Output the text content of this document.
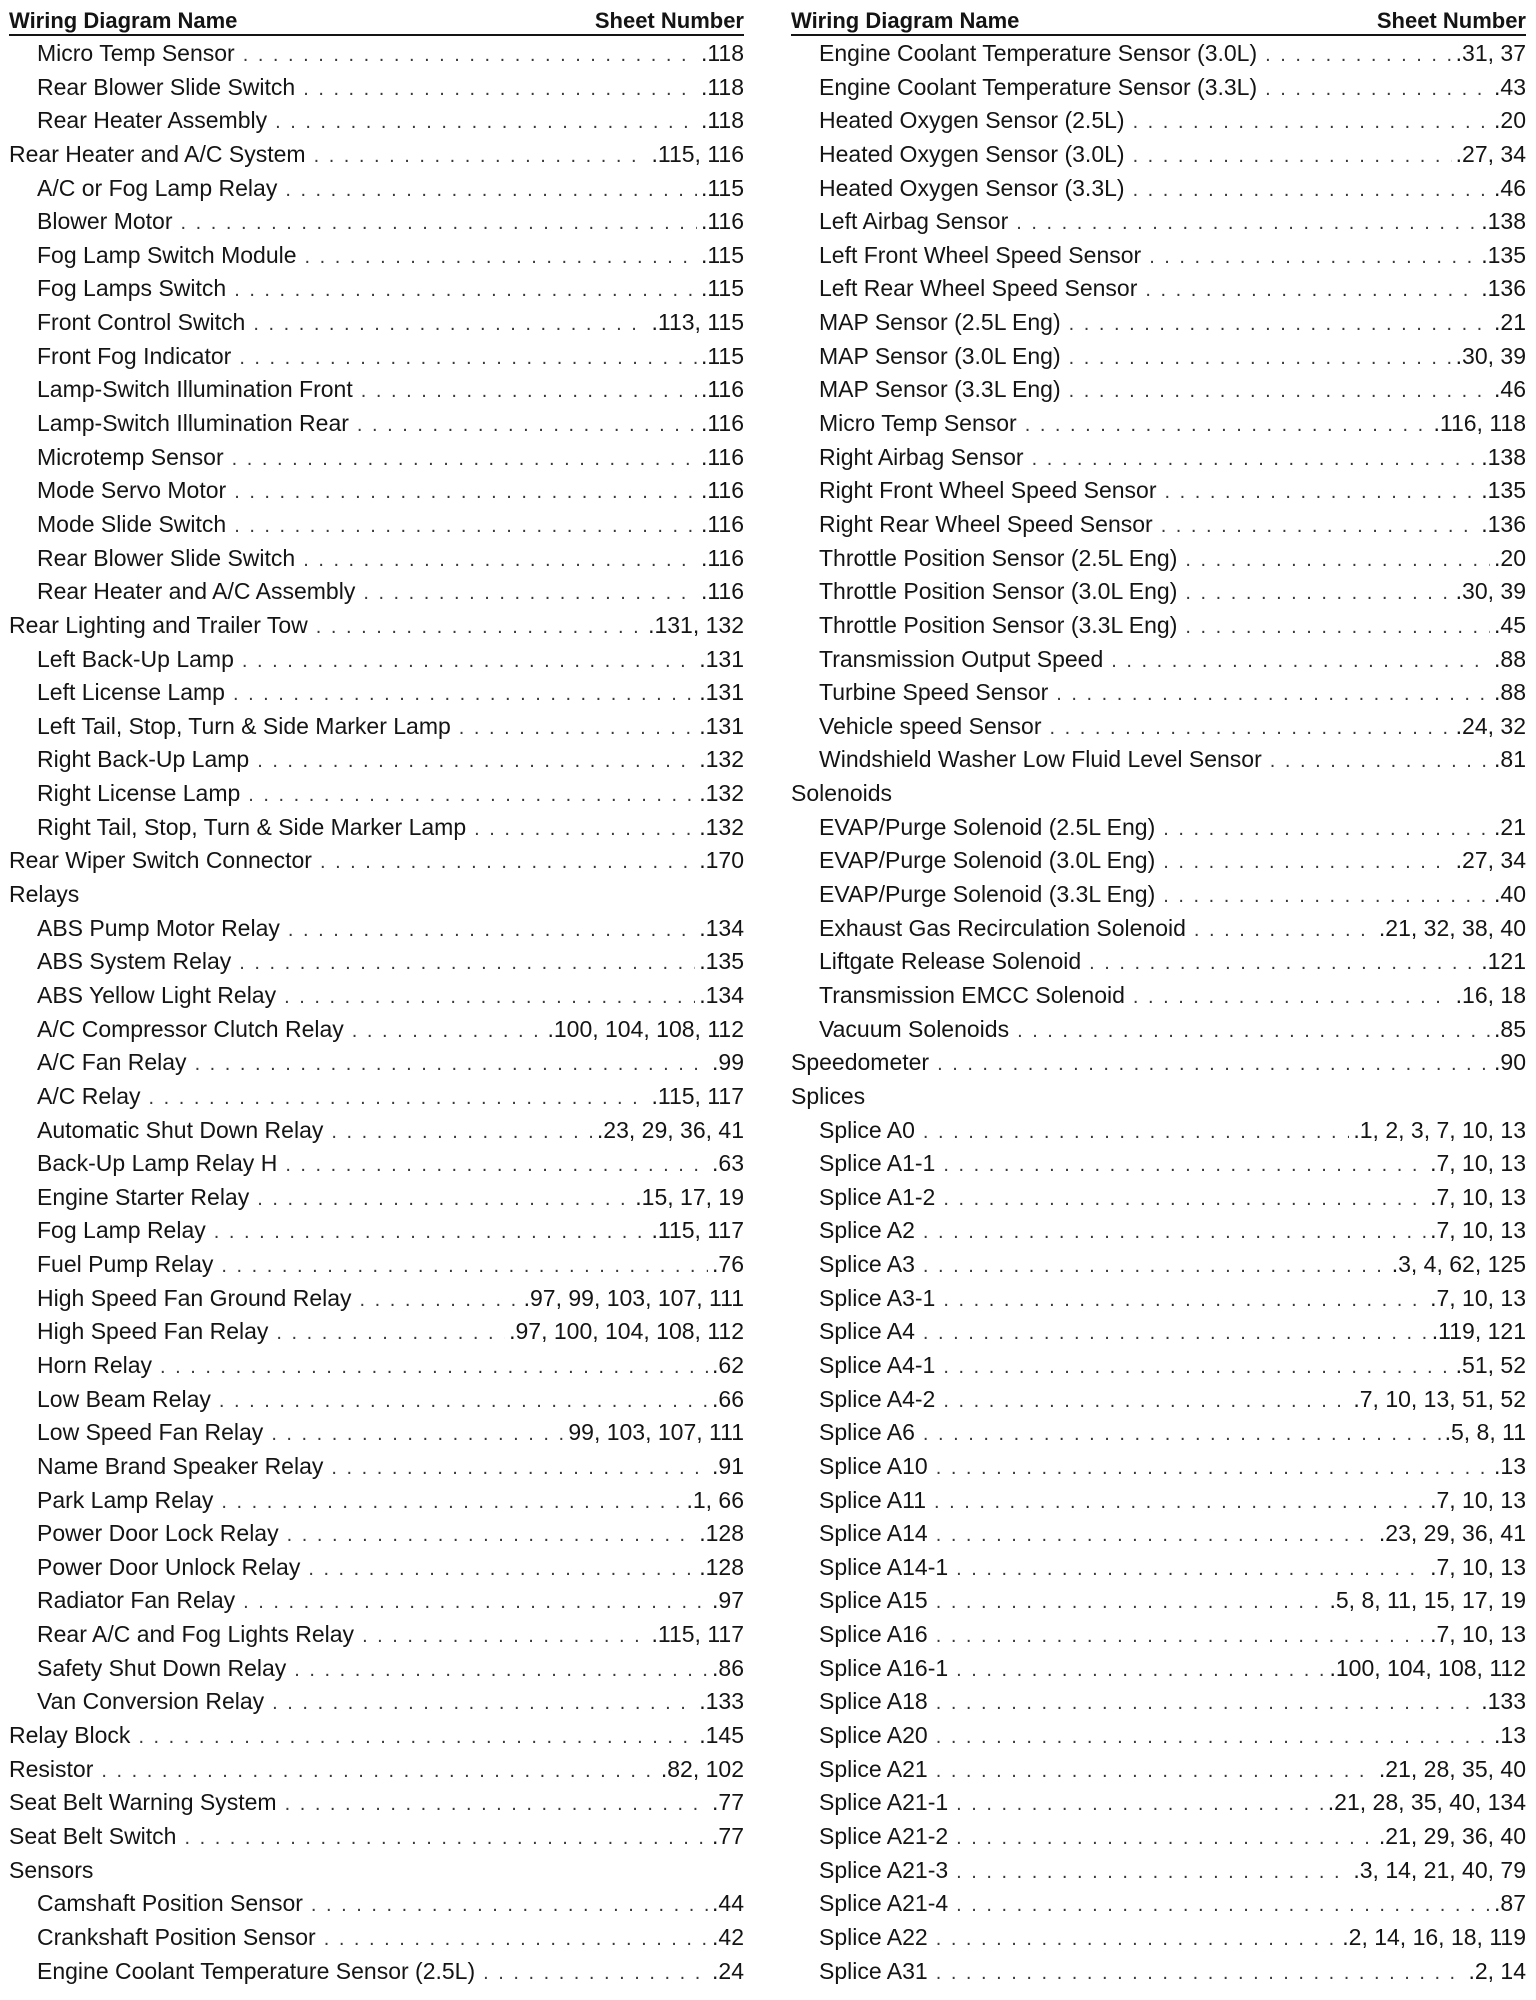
Wiring Diagram Name	Sheet Number
Micro Temp Sensor . . .	.118
Rear Blower Slide Switch . . .	.118
Rear Heater Assembly . . .	.118
Rear Heater and A/C System . . .	.115, 116
A/C or Fog Lamp Relay . . .	.115
Blower Motor . . .	.116
Fog Lamp Switch Module . . .	.115
Fog Lamps Switch . . .	.115
Front Control Switch . . .	.113, 115
Front Fog Indicator . . .	.115
Lamp-Switch Illumination Front . . .	.116
Lamp-Switch Illumination Rear . . .	.116
Microtemp Sensor . . .	.116
Mode Servo Motor . . .	.116
Mode Slide Switch . . .	.116
Rear Blower Slide Switch . . .	.116
Rear Heater and A/C Assembly . . .	.116
Rear Lighting and Trailer Tow . . .	.131, 132
Left Back-Up Lamp . . .	.131
Left License Lamp . . .	.131
Left Tail, Stop, Turn & Side Marker Lamp . . .	.131
Right Back-Up Lamp . . .	.132
Right License Lamp . . .	.132
Right Tail, Stop, Turn & Side Marker Lamp . . .	.132
Rear Wiper Switch Connector . . .	.170
Relays
ABS Pump Motor Relay . . .	.134
ABS System Relay . . .	.135
ABS Yellow Light Relay . . .	.134
A/C Compressor Clutch Relay . . .	.100, 104, 108, 112
A/C Fan Relay . . .	.99
A/C Relay . . .	.115, 117
Automatic Shut Down Relay . . .	.23, 29, 36, 41
Back-Up Lamp Relay H . . .	.63
Engine Starter Relay . . .	.15, 17, 19
Fog Lamp Relay . . .	.115, 117
Fuel Pump Relay . . .	.76
High Speed Fan Ground Relay . . .	.97, 99, 103, 107, 111
High Speed Fan Relay . . .	.97, 100, 104, 108, 112
Horn Relay . . .	.62
Low Beam Relay . . .	.66
Low Speed Fan Relay . . .	99, 103, 107, 111
Name Brand Speaker Relay . . .	.91
Park Lamp Relay . . .	.1, 66
Power Door Lock Relay . . .	.128
Power Door Unlock Relay . . .	.128
Radiator Fan Relay . . .	.97
Rear A/C and Fog Lights Relay . . .	.115, 117
Safety Shut Down Relay . . .	.86
Van Conversion Relay . . .	.133
Relay Block . . .	.145
Resistor . . .	.82, 102
Seat Belt Warning System . . .	.77
Seat Belt Switch . . .	.77
Sensors
Camshaft Position Sensor . . .	.44
Crankshaft Position Sensor . . .	.42
Engine Coolant Temperature Sensor (2.5L) . . .	.24
Wiring Diagram Name	Sheet Number
Engine Coolant Temperature Sensor (3.0L) . . .	.31, 37
Engine Coolant Temperature Sensor (3.3L) . . .	.43
Heated Oxygen Sensor (2.5L) . . .	.20
Heated Oxygen Sensor (3.0L) . . .	.27, 34
Heated Oxygen Sensor (3.3L) . . .	.46
Left Airbag Sensor . . .	.138
Left Front Wheel Speed Sensor . . .	.135
Left Rear Wheel Speed Sensor . . .	.136
MAP Sensor (2.5L Eng) . . .	.21
MAP Sensor (3.0L Eng) . . .	.30, 39
MAP Sensor (3.3L Eng) . . .	.46
Micro Temp Sensor . . .	.116, 118
Right Airbag Sensor . . .	.138
Right Front Wheel Speed Sensor . . .	.135
Right Rear Wheel Speed Sensor . . .	.136
Throttle Position Sensor (2.5L Eng) . . .	.20
Throttle Position Sensor (3.0L Eng) . . .	.30, 39
Throttle Position Sensor (3.3L Eng) . . .	.45
Transmission Output Speed . . .	.88
Turbine Speed Sensor . . .	.88
Vehicle speed Sensor . . .	.24, 32
Windshield Washer Low Fluid Level Sensor . . .	.81
Solenoids
EVAP/Purge Solenoid (2.5L Eng) . . .	.21
EVAP/Purge Solenoid (3.0L Eng) . . .	.27, 34
EVAP/Purge Solenoid (3.3L Eng) . . .	.40
Exhaust Gas Recirculation Solenoid . . .	.21, 32, 38, 40
Liftgate Release Solenoid . . .	.121
Transmission EMCC Solenoid . . .	.16, 18
Vacuum Solenoids . . .	.85
Speedometer . . .	.90
Splices
Splice A0 . . .	.1, 2, 3, 7, 10, 13
Splice A1-1 . . .	.7, 10, 13
Splice A1-2 . . .	.7, 10, 13
Splice A2 . . .	.7, 10, 13
Splice A3 . . .	.3, 4, 62, 125
Splice A3-1 . . .	.7, 10, 13
Splice A4 . . .	.119, 121
Splice A4-1 . . .	.51, 52
Splice A4-2 . . .	.7, 10, 13, 51, 52
Splice A6 . . .	.5, 8, 11
Splice A10 . . .	.13
Splice A11 . . .	.7, 10, 13
Splice A14 . . .	.23, 29, 36, 41
Splice A14-1 . . .	.7, 10, 13
Splice A15 . . .	.5, 8, 11, 15, 17, 19
Splice A16 . . .	.7, 10, 13
Splice A16-1 . . .	.100, 104, 108, 112
Splice A18 . . .	.133
Splice A20 . . .	.13
Splice A21 . . .	.21, 28, 35, 40
Splice A21-1 . . .	.21, 28, 35, 40, 134
Splice A21-2 . . .	.21, 29, 36, 40
Splice A21-3 . . .	.3, 14, 21, 40, 79
Splice A21-4 . . .	.87
Splice A22 . . .	.2, 14, 16, 18, 119
Splice A31 . . .	.2, 14
